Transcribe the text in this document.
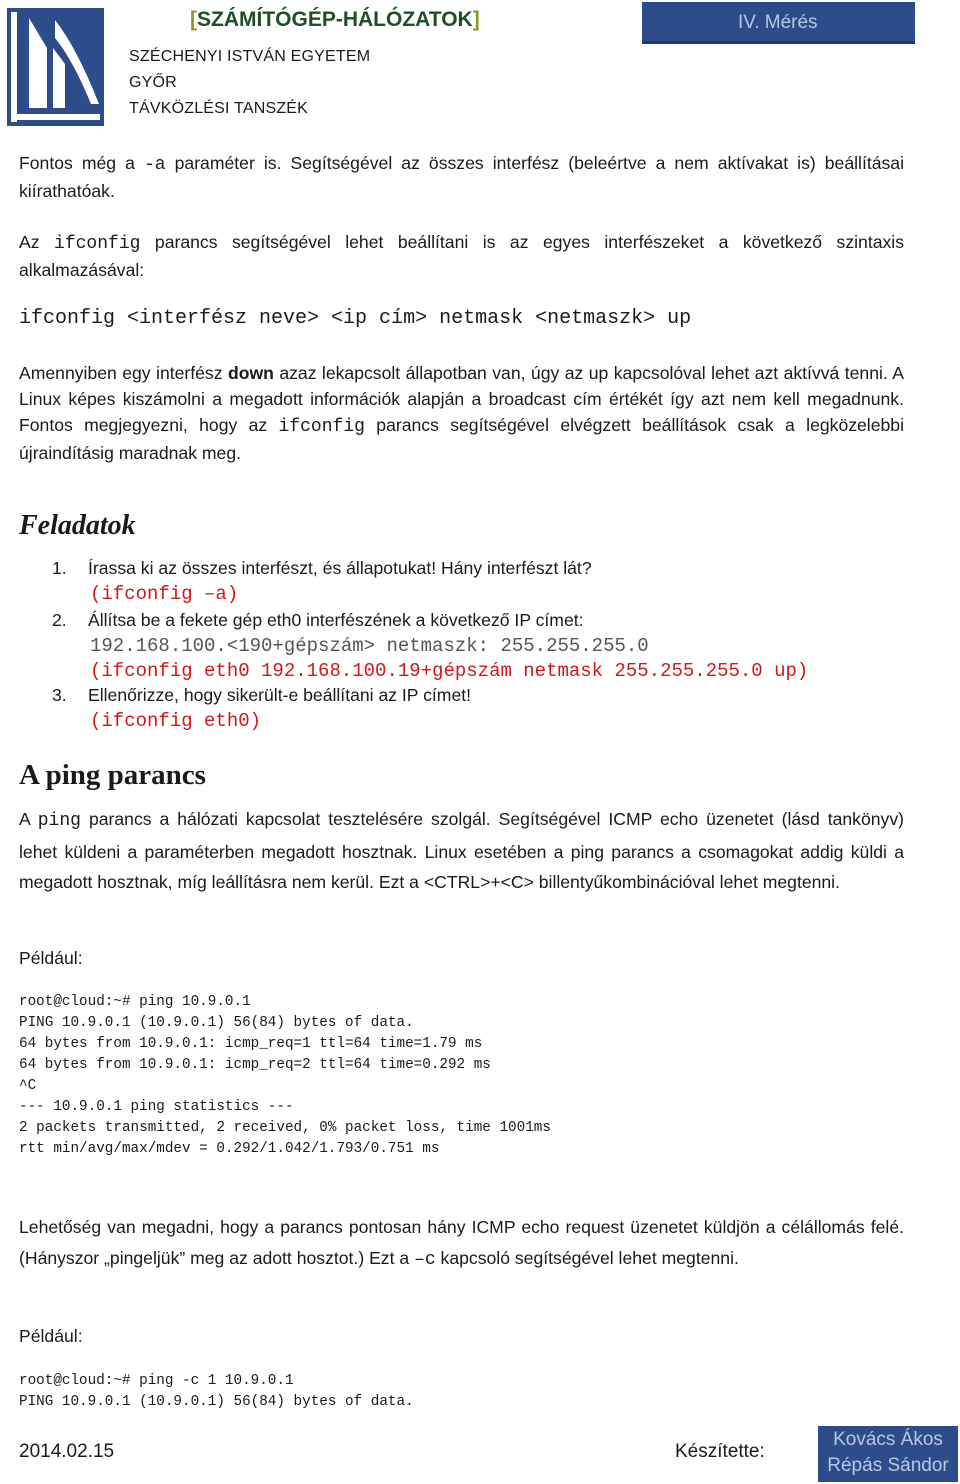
[SZÁMÍTÓGÉP-HÁLÓZATOK]
SZÉCHENYI ISTVÁN EGYETEM
GYŐR
TÁVKÖZLÉSI TANSZÉK
IV. Mérés
Fontos még a -a paraméter is. Segítségével az összes interfész (beleértve a nem aktívakat is) beállításai kiírathatóak.
Az ifconfig parancs segítségével lehet beállítani is az egyes interfészeket a következő szintaxis alkalmazásával:
ifconfig <interfész neve> <ip cím> netmask <netmaszk> up
Amennyiben egy interfész down azaz lekapcsolt állapotban van, úgy az up kapcsolóval lehet azt aktívvá tenni. A Linux képes kiszámolni a megadott információk alapján a broadcast cím értékét így azt nem kell megadnunk. Fontos megjegyezni, hogy az ifconfig parancs segítségével elvégzett beállítások csak a legközelebbi újraindításig maradnak meg.
Feladatok
1. Írassa ki az összes interfészt, és állapotukat! Hány interfészt lát?
(ifconfig –a)
2. Állítsa be a fekete gép eth0 interfészének a következő IP címet:
192.168.100.<190+gépszám> netmaszk: 255.255.255.0
(ifconfig eth0 192.168.100.19+gépszám netmask 255.255.255.0 up)
3. Ellenőrizze, hogy sikerült-e beállítani az IP címet!
(ifconfig eth0)
A ping parancs
A ping parancs a hálózati kapcsolat tesztelésére szolgál. Segítségével ICMP echo üzenetet (lásd tankönyv) lehet küldeni a paraméterben megadott hosztnak. Linux esetében a ping parancs a csomagokat addig küldi a megadott hosztnak, míg leállításra nem kerül. Ezt a <CTRL>+<C> billentyűkombinációval lehet megtenni.
Például:
root@cloud:~# ping 10.9.0.1
PING 10.9.0.1 (10.9.0.1) 56(84) bytes of data.
64 bytes from 10.9.0.1: icmp_req=1 ttl=64 time=1.79 ms
64 bytes from 10.9.0.1: icmp_req=2 ttl=64 time=0.292 ms
^C
--- 10.9.0.1 ping statistics ---
2 packets transmitted, 2 received, 0% packet loss, time 1001ms
rtt min/avg/max/mdev = 0.292/1.042/1.793/0.751 ms
Lehetőség van megadni, hogy a parancs pontosan hány ICMP echo request üzenetet küldjön a célállomás felé. (Hányszor „pingeljük” meg az adott hosztot.) Ezt a –c kapcsoló segítségével lehet megtenni.
Például:
root@cloud:~# ping -c 1 10.9.0.1
PING 10.9.0.1 (10.9.0.1) 56(84) bytes of data.
2014.02.15	Készítette:
Kovács Ákos
Répás Sándor
